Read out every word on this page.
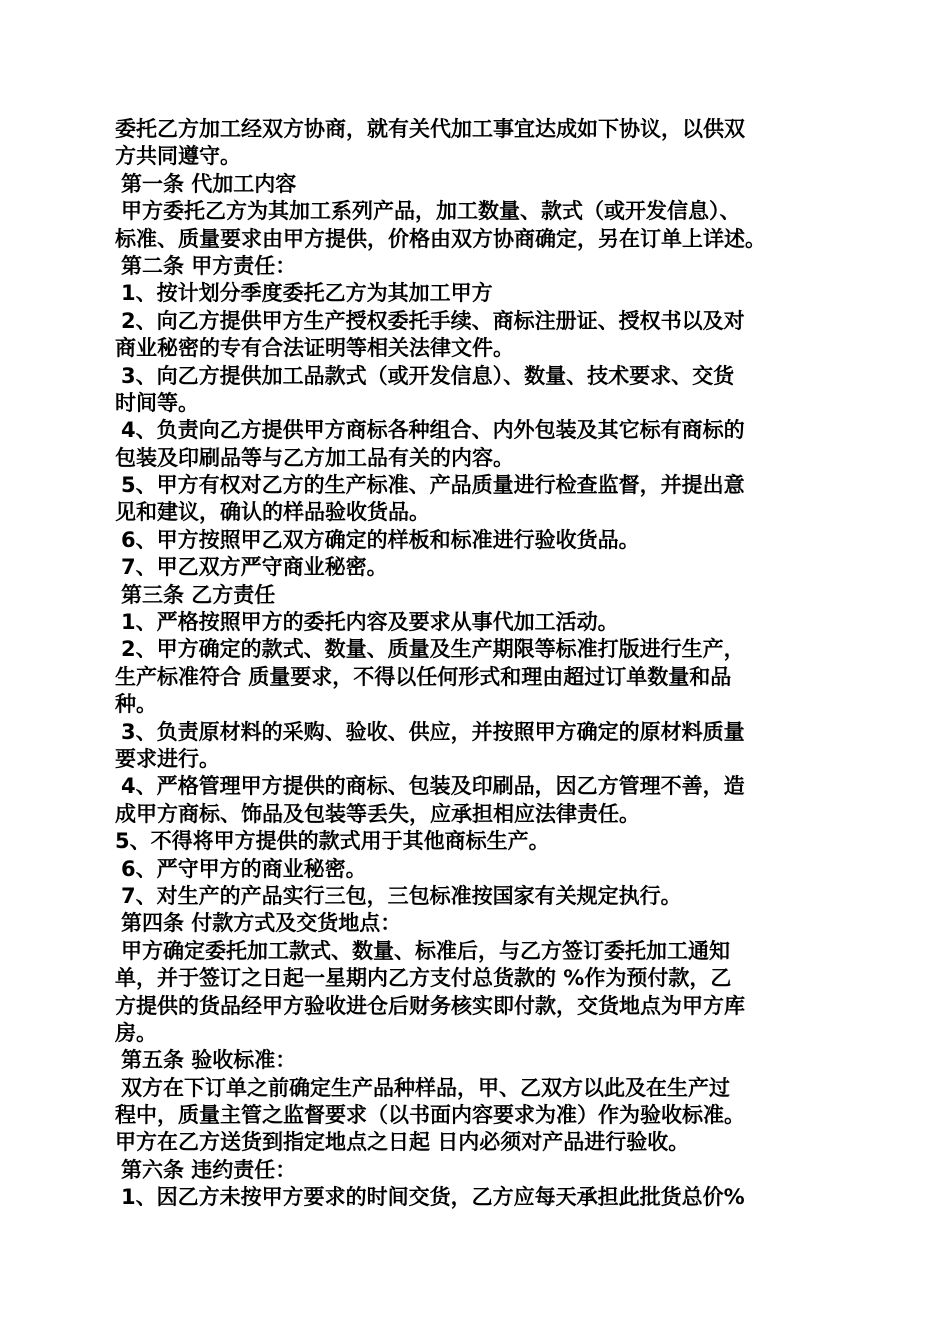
委托乙方加工经双方协商，就有关代加工事宜达成如下协议，以供双
方共同遵守。
第一条 代加工内容
甲方委托乙方为其加工系列产品，加工数量、款式（或开发信息）、
标准、质量要求由甲方提供，价格由双方协商确定，另在订单上详述。
第二条 甲方责任：
1、按计划分季度委托乙方为其加工甲方
2、向乙方提供甲方生产授权委托手续、商标注册证、授权书以及对
商业秘密的专有合法证明等相关法律文件。
3、向乙方提供加工品款式（或开发信息）、数量、技术要求、交货
时间等。
4、负责向乙方提供甲方商标各种组合、内外包装及其它标有商标的
包装及印刷品等与乙方加工品有关的内容。
5、甲方有权对乙方的生产标准、产品质量进行检查监督，并提出意
见和建议，确认的样品验收货品。
6、甲方按照甲乙双方确定的样板和标准进行验收货品。
7、甲乙双方严守商业秘密。
第三条 乙方责任
1、严格按照甲方的委托内容及要求从事代加工活动。
2、甲方确定的款式、数量、质量及生产期限等标准打版进行生产，
生产标准符合 质量要求，不得以任何形式和理由超过订单数量和品
种。
3、负责原材料的采购、验收、供应，并按照甲方确定的原材料质量
要求进行。
4、严格管理甲方提供的商标、包装及印刷品，因乙方管理不善，造
成甲方商标、饰品及包装等丢失，应承担相应法律责任。
5、不得将甲方提供的款式用于其他商标生产。
6、严守甲方的商业秘密。
7、对生产的产品实行三包，三包标准按国家有关规定执行。
第四条 付款方式及交货地点：
甲方确定委托加工款式、数量、标准后，与乙方签订委托加工通知
单，并于签订之日起一星期内乙方支付总货款的 %作为预付款，乙
方提供的货品经甲方验收进仓后财务核实即付款，交货地点为甲方库
房。
第五条 验收标准：
双方在下订单之前确定生产品种样品，甲、乙双方以此及在生产过
程中，质量主管之监督要求（以书面内容要求为准）作为验收标准。
甲方在乙方送货到指定地点之日起 日内必须对产品进行验收。
第六条 违约责任：
1、因乙方未按甲方要求的时间交货，乙方应每天承担此批货总价%
